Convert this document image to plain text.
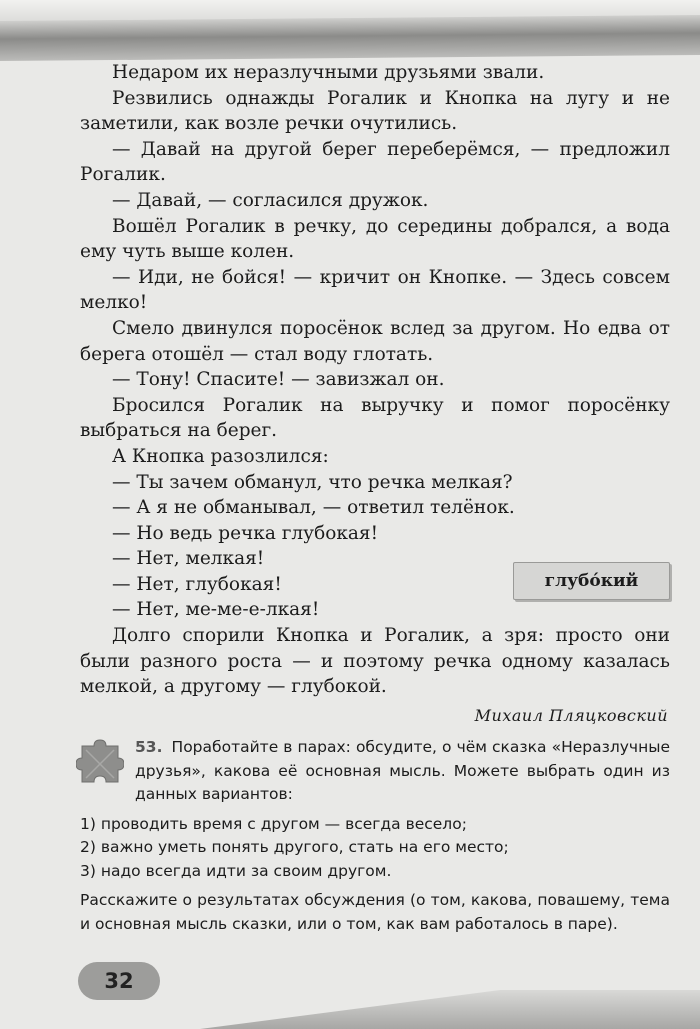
Недаром их неразлучными друзьями звали.

Резвились однажды Рогалик и Кнопка на лугу и не заметили, как возле речки очутились.

— Давай на другой берег переберёмся, — предложил Рогалик.

— Давай, — согласился дружок.

Вошёл Рогалик в речку, до середины добрался, а вода ему чуть выше колен.

— Иди, не бойся! — кричит он Кнопке. — Здесь совсем мелко!

Смело двинулся поросёнок вслед за другом. Но едва от берега отошёл — стал воду глотать.

— Тону! Спасите! — завизжал он.

Бросился Рогалик на выручку и помог поросёнку выбраться на берег.

А Кнопка разозлился:

— Ты зачем обманул, что речка мелкая?

— А я не обманывал, — ответил телёнок.

— Но ведь речка глубокая!

— Нет, мелкая!

— Нет, глубокая!

— Нет, ме-ме-е-лкая!

Долго спорили Кнопка и Рогалик, а зря: просто они были разного роста — и поэтому речка одному казалась мелкой, а другому — глубокой.

глубо́кий
Михаил Пляцковский

53. Поработайте в парах: обсудите, о чём сказка «Неразлучные друзья», какова её основная мысль. Можете выбрать один из данных вариантов:

1) проводить время с другом — всегда весело;
2) важно уметь понять другого, стать на его место;
3) надо всегда идти за своим другом.

Расскажите о результатах обсуждения (о том, какова, повашему, тема и основная мысль сказки, или о том, как вам работалось в паре).

32
